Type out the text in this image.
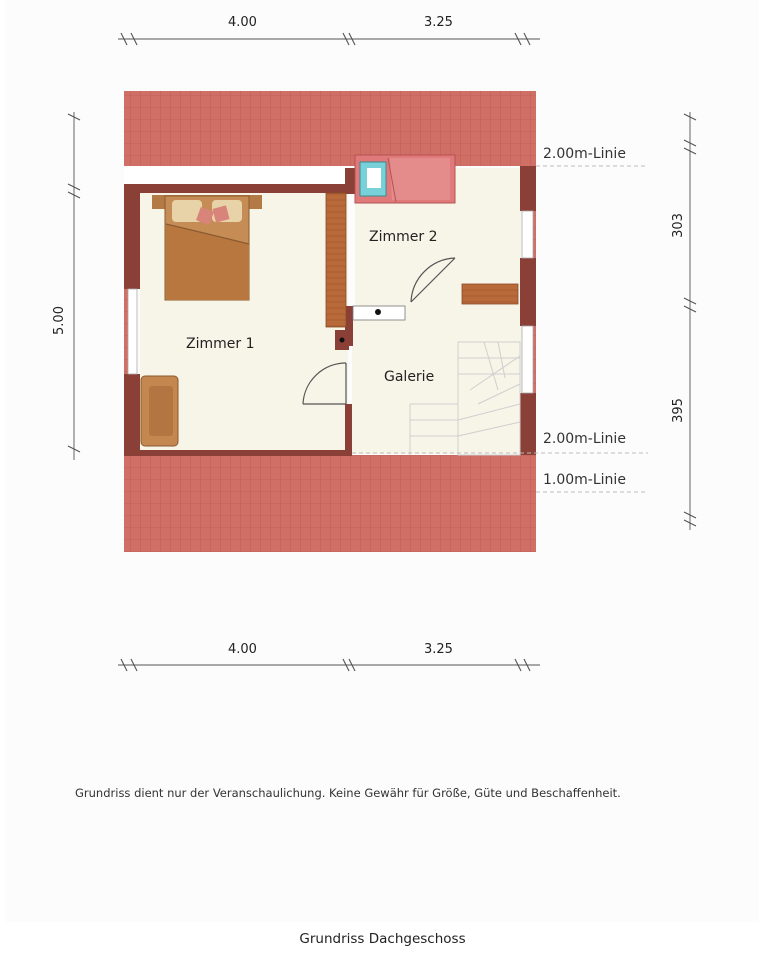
4.00	3.25
4.00	3.25
5.00
303
395
Zimmer 1
Zimmer 2
Galerie
2.00m-Linie
2.00m-Linie
1.00m-Linie
Grundriss dient nur der Veranschaulichung. Keine Gewähr für Größe, Güte und Beschaffenheit.
Grundriss Dachgeschoss
